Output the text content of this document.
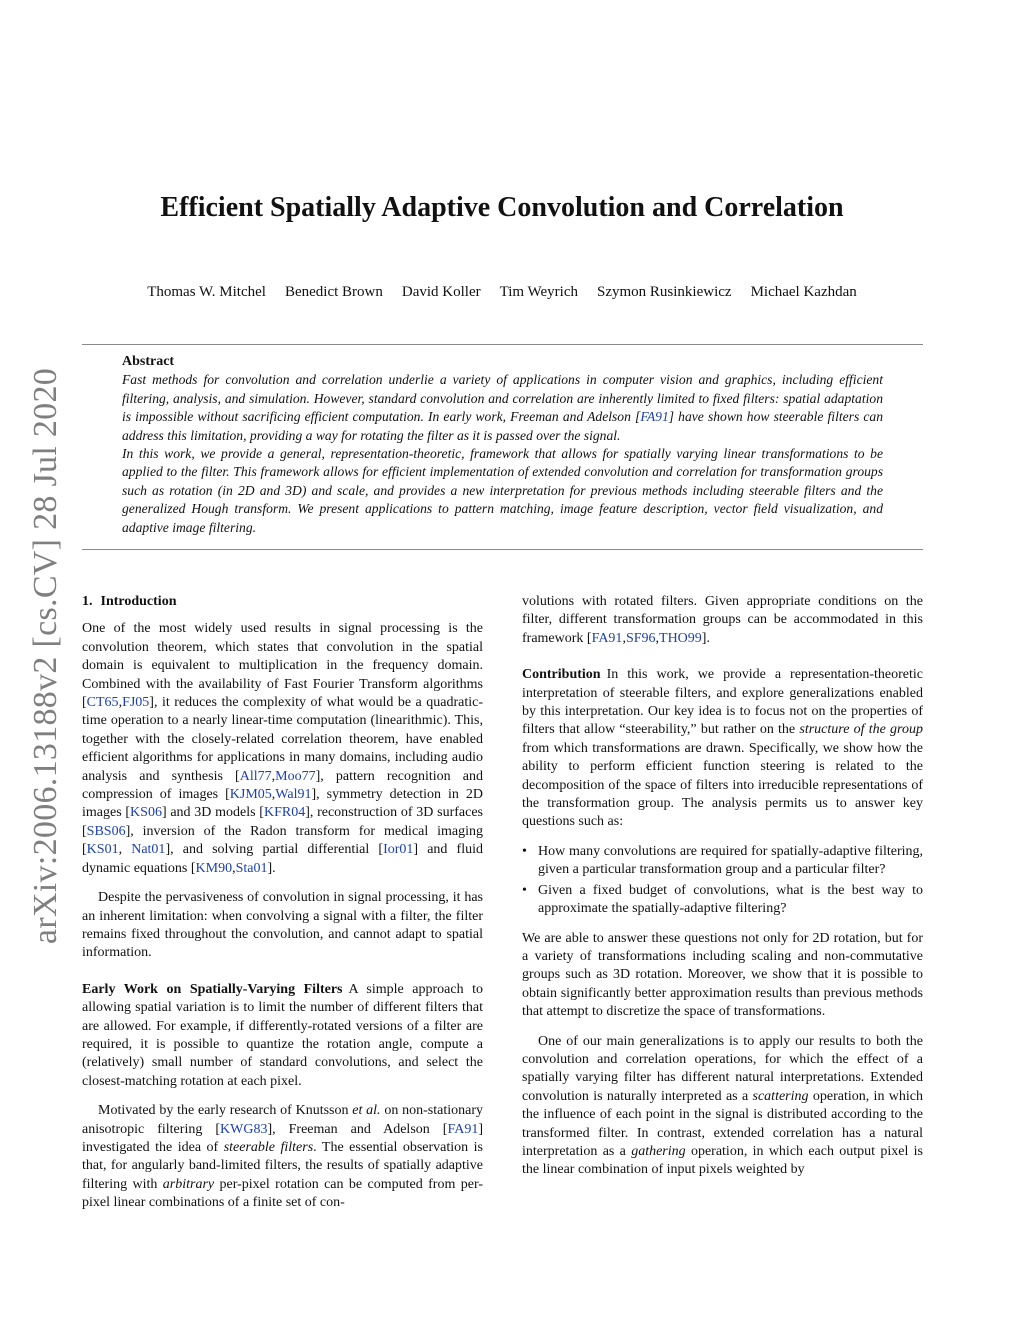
arXiv:2006.13188v2 [cs.CV] 28 Jul 2020
Efficient Spatially Adaptive Convolution and Correlation
Thomas W. Mitchel Benedict Brown David Koller Tim Weyrich Szymon Rusinkiewicz Michael Kazhdan
Abstract

Fast methods for convolution and correlation underlie a variety of applications in computer vision and graphics, including efficient filtering, analysis, and simulation. However, standard convolution and correlation are inherently limited to fixed filters: spatial adaptation is impossible without sacrificing efficient computation. In early work, Freeman and Adelson [FA91] have shown how steerable filters can address this limitation, providing a way for rotating the filter as it is passed over the signal.

In this work, we provide a general, representation-theoretic, framework that allows for spatially varying linear transformations to be applied to the filter. This framework allows for efficient implementation of extended convolution and correlation for transformation groups such as rotation (in 2D and 3D) and scale, and provides a new interpretation for previous methods including steerable filters and the generalized Hough transform. We present applications to pattern matching, image feature description, vector field visualization, and adaptive image filtering.

1. Introduction

One of the most widely used results in signal processing is the convolution theorem, which states that convolution in the spatial domain is equivalent to multiplication in the frequency domain. Combined with the availability of Fast Fourier Transform algorithms [CT65,FJ05], it reduces the complexity of what would be a quadratic-time operation to a nearly linear-time computation (linearithmic). This, together with the closely-related correlation theorem, have enabled efficient algorithms for applications in many domains, including audio analysis and synthesis [All77,Moo77], pattern recognition and compression of images [KJM05,Wal91], symmetry detection in 2D images [KS06] and 3D models [KFR04], reconstruction of 3D surfaces [SBS06], inversion of the Radon transform for medical imaging [KS01, Nat01], and solving partial differential [Ior01] and fluid dynamic equations [KM90,Sta01].

Despite the pervasiveness of convolution in signal processing, it has an inherent limitation: when convolving a signal with a filter, the filter remains fixed throughout the convolution, and cannot adapt to spatial information.

Early Work on Spatially-Varying Filters A simple approach to allowing spatial variation is to limit the number of different filters that are allowed. For example, if differently-rotated versions of a filter are required, it is possible to quantize the rotation angle, compute a (relatively) small number of standard convolutions, and select the closest-matching rotation at each pixel.

Motivated by the early research of Knutsson et al. on non-stationary anisotropic filtering [KWG83], Freeman and Adelson [FA91] investigated the idea of steerable filters. The essential observation is that, for angularly band-limited filters, the results of spatially adaptive filtering with arbitrary per-pixel rotation can be computed from per-pixel linear combinations of a finite set of con-

volutions with rotated filters. Given appropriate conditions on the filter, different transformation groups can be accommodated in this framework [FA91,SF96,THO99].

Contribution In this work, we provide a representation-theoretic interpretation of steerable filters, and explore generalizations enabled by this interpretation. Our key idea is to focus not on the properties of filters that allow “steerability,” but rather on the structure of the group from which transformations are drawn. Specifically, we show how the ability to perform efficient function steering is related to the decomposition of the space of filters into irreducible representations of the transformation group. The analysis permits us to answer key questions such as:

• How many convolutions are required for spatially-adaptive filtering, given a particular transformation group and a particular filter?
• Given a fixed budget of convolutions, what is the best way to approximate the spatially-adaptive filtering?

We are able to answer these questions not only for 2D rotation, but for a variety of transformations including scaling and non-commutative groups such as 3D rotation. Moreover, we show that it is possible to obtain significantly better approximation results than previous methods that attempt to discretize the space of transformations.

One of our main generalizations is to apply our results to both the convolution and correlation operations, for which the effect of a spatially varying filter has different natural interpretations. Extended convolution is naturally interpreted as a scattering operation, in which the influence of each point in the signal is distributed according to the transformed filter. In contrast, extended correlation has a natural interpretation as a gathering operation, in which each output pixel is the linear combination of input pixels weighted by
